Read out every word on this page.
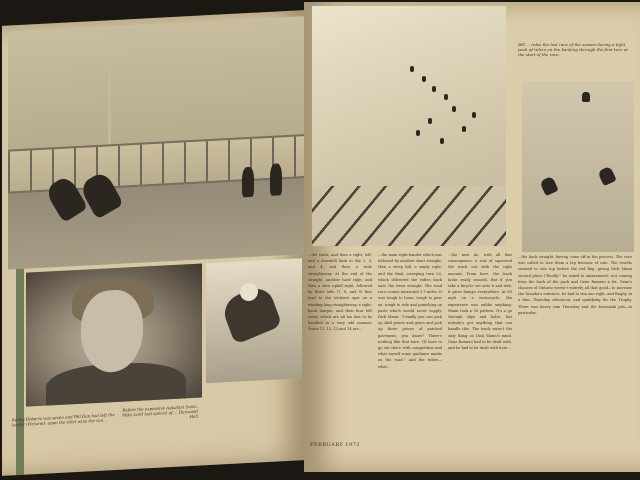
Kenny Roberts was seven and Bill Dan had left the leader (Pictured: upon the title) wins the run...
Before the expensive Aquafast Sonic, Mike Lord had special of ... Dunwood Hall
Bill ... rides the last race of the season during a tight pack of riders on the banking through the first turn at the start of the race.
...the track, and then a right, left, and a downhill kink to the 2, 3, and 4, and then a wide straightaway. At the end of the straight, another hard right, and then a slow uphill right, followed by three lefts (7, 8, and 9) that lead to the trickiest spot on a winding long straightaway, a right-hand hairpin, and then four left turns, which are all too fast to be handled in a very odd manner. Turns 11, 12, 13 and 14 are...
...the main right-hander which was followed by another short straight, then a steep hill, a sandy right, and the final, sweeping turn 20, which delivered the riders back onto the front straight. The road race course measured 3.5 miles. It was tough to learn, tough to pass on, tough to ride and punishing on parts which would never supply. Dick Mann: "Usually you can pick up shift points and gears and pick up three pieces of patched pavement, you know? There's nothing like that here. I'll have to go out there with competition and what myself some guidance marks on the road." And the riders—what...
...the next do, with all that consequence, a sort of squeezed the track out with the right amount. From here, the track looks really smooth. But if you take a bicycle out onto it and ride, it gives bumps everywhere. At 80 mph on a motorcycle, the experience was unlike anything. Mann took a 30 pattern. It's a go through slips and holes, but nobody's got anything that can handle this. The track wasn't the only thing on Dick Mann's mind. Gene Romero had to be dealt with, and he had to be dealt with here...
...the back straight, having come off in the process. The race was called to lose them a lap because of rain. The results seemed to rise top before the red flag, giving Dick Mann second place ("Really!" he asked in amazement), not coming from the back of the pack and Gene Romero a lot. Gene's chances of Ontario weren't entirely all that good—to increase the Yamaha's entrance, he had to win one right, and Rugby, in a thin...Thursday afternoon, and qualifying for the Trophy. There was heavy rain Thursday and the Kawasaki pits—in particular.
FEBRUARY 1973
